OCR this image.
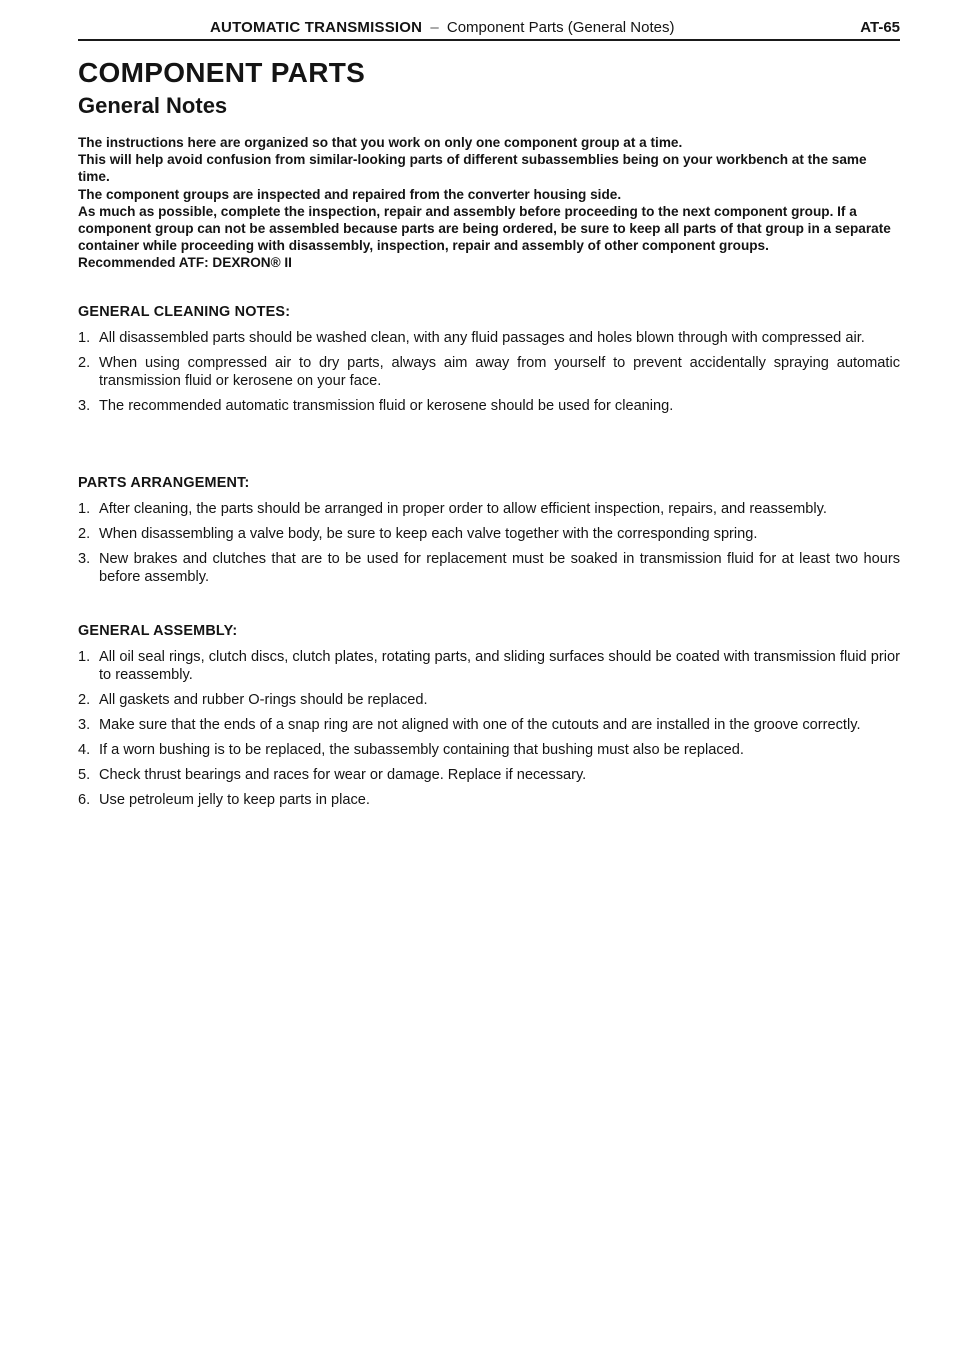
AUTOMATIC TRANSMISSION – Component Parts (General Notes)	AT-65
COMPONENT PARTS
General Notes

The instructions here are organized so that you work on only one component group at a time.

This will help avoid confusion from similar-looking parts of different subassemblies being on your workbench at the same time.

The component groups are inspected and repaired from the converter housing side.

As much as possible, complete the inspection, repair and assembly before proceeding to the next component group. If a component group can not be assembled because parts are being ordered, be sure to keep all parts of that group in a separate container while proceeding with disassembly, inspection, repair and assembly of other component groups.

Recommended ATF: DEXRON® II

GENERAL CLEANING NOTES:
1. All disassembled parts should be washed clean, with any fluid passages and holes blown through with compressed air.
2. When using compressed air to dry parts, always aim away from yourself to prevent accidentally spraying automatic transmission fluid or kerosene on your face.
3. The recommended automatic transmission fluid or kerosene should be used for cleaning.
PARTS ARRANGEMENT:
1. After cleaning, the parts should be arranged in proper order to allow efficient inspection, repairs, and reassembly.
2. When disassembling a valve body, be sure to keep each valve together with the corresponding spring.
3. New brakes and clutches that are to be used for replacement must be soaked in transmission fluid for at least two hours before assembly.
GENERAL ASSEMBLY:
1. All oil seal rings, clutch discs, clutch plates, rotating parts, and sliding surfaces should be coated with transmission fluid prior to reassembly.
2. All gaskets and rubber O-rings should be replaced.
3. Make sure that the ends of a snap ring are not aligned with one of the cutouts and are installed in the groove correctly.
4. If a worn bushing is to be replaced, the subassembly containing that bushing must also be replaced.
5. Check thrust bearings and races for wear or damage. Replace if necessary.
6. Use petroleum jelly to keep parts in place.
